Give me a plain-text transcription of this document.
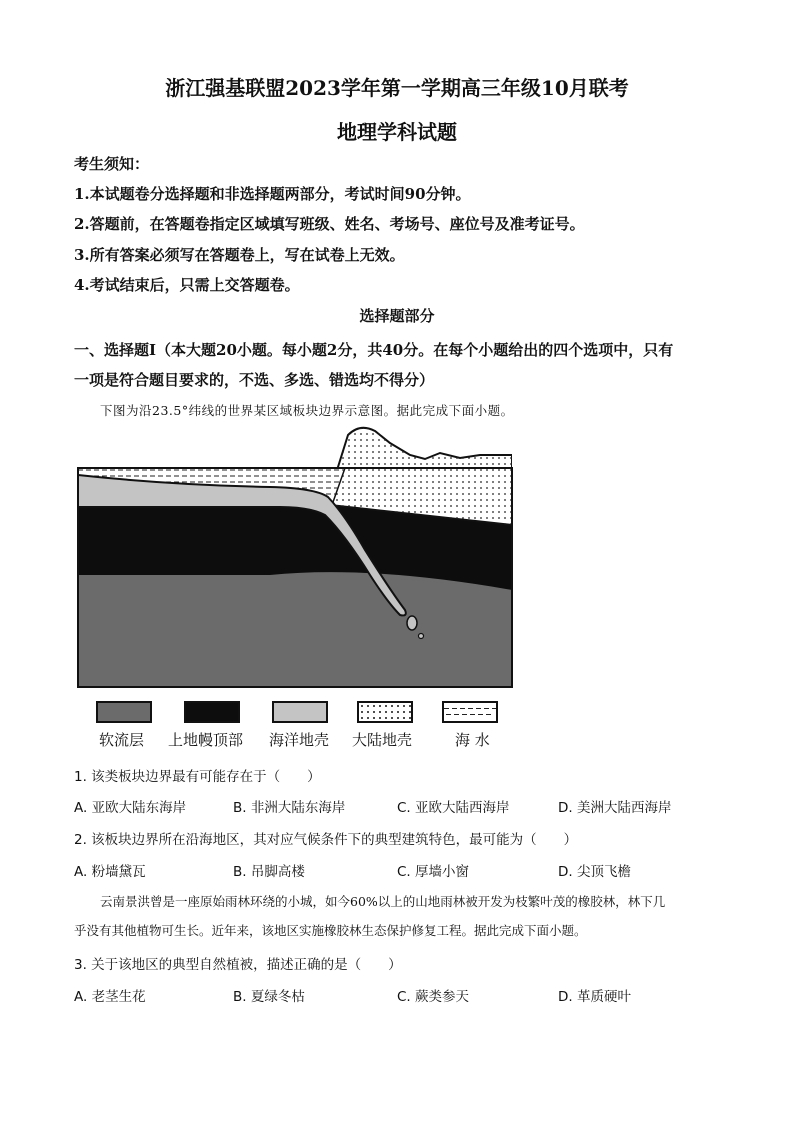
浙江强基联盟2023学年第一学期高三年级10月联考
地理学科试题
考生须知：
1.本试题卷分选择题和非选择题两部分，考试时间90分钟。
2.答题前，在答题卷指定区域填写班级、姓名、考场号、座位号及准考证号。
3.所有答案必须写在答题卷上，写在试卷上无效。
4.考试结束后，只需上交答题卷。
选择题部分
一、选择题Ⅰ（本大题20小题。每小题2分，共40分。在每个小题给出的四个选项中，只有
一项是符合题目要求的，不选、多选、错选均不得分）
下图为沿23.5°纬线的世界某区域板块边界示意图。据此完成下面小题。
软流层 上地幔顶部 海洋地壳 大陆地壳	海 水
1. 该类板块边界最有可能存在于（　　）
A. 亚欧大陆东海岸	B. 非洲大陆东海岸	C. 亚欧大陆西海岸	D. 美洲大陆西海岸
2. 该板块边界所在沿海地区，其对应气候条件下的典型建筑特色，最可能为（　　）
A. 粉墙黛瓦	B. 吊脚高楼	C. 厚墙小窗	D. 尖顶飞檐
云南景洪曾是一座原始雨林环绕的小城，如今60%以上的山地雨林被开发为枝繁叶茂的橡胶林，林下几
乎没有其他植物可生长。近年来，该地区实施橡胶林生态保护修复工程。据此完成下面小题。
3. 关于该地区的典型自然植被，描述正确的是（　　）
A. 老茎生花	B. 夏绿冬枯	C. 蕨类参天	D. 革质硬叶
